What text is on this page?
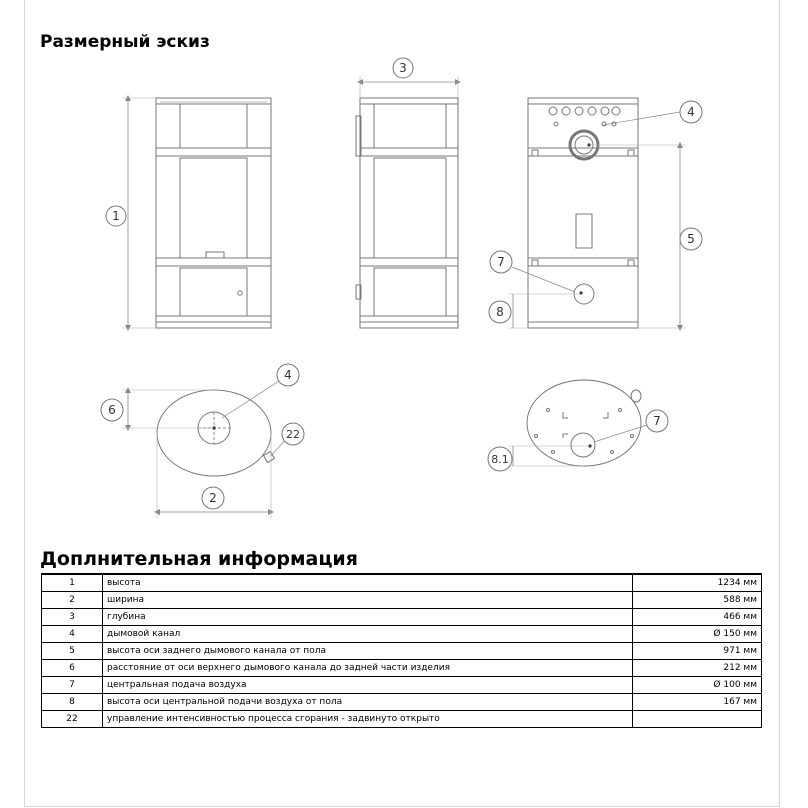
Размерный эскиз
1
3
4
5
7
8
4
6
22
2
7
8.1
Доплнительная информация
1	высота	1234 мм
2	ширина	588 мм
3	глубина	466 мм
4	дымовой канал	Ø 150 мм
5	высота оси заднего дымового канала от пола	971 мм
6	расстояние от оси верхнего дымового канала до задней части изделия	212 мм
7	центральная подача воздуха	Ø 100 мм
8	высота оси центральной подачи воздуха от пола	167 мм
22	управление интенсивностью процесса сгорания - задвинуто открыто	
